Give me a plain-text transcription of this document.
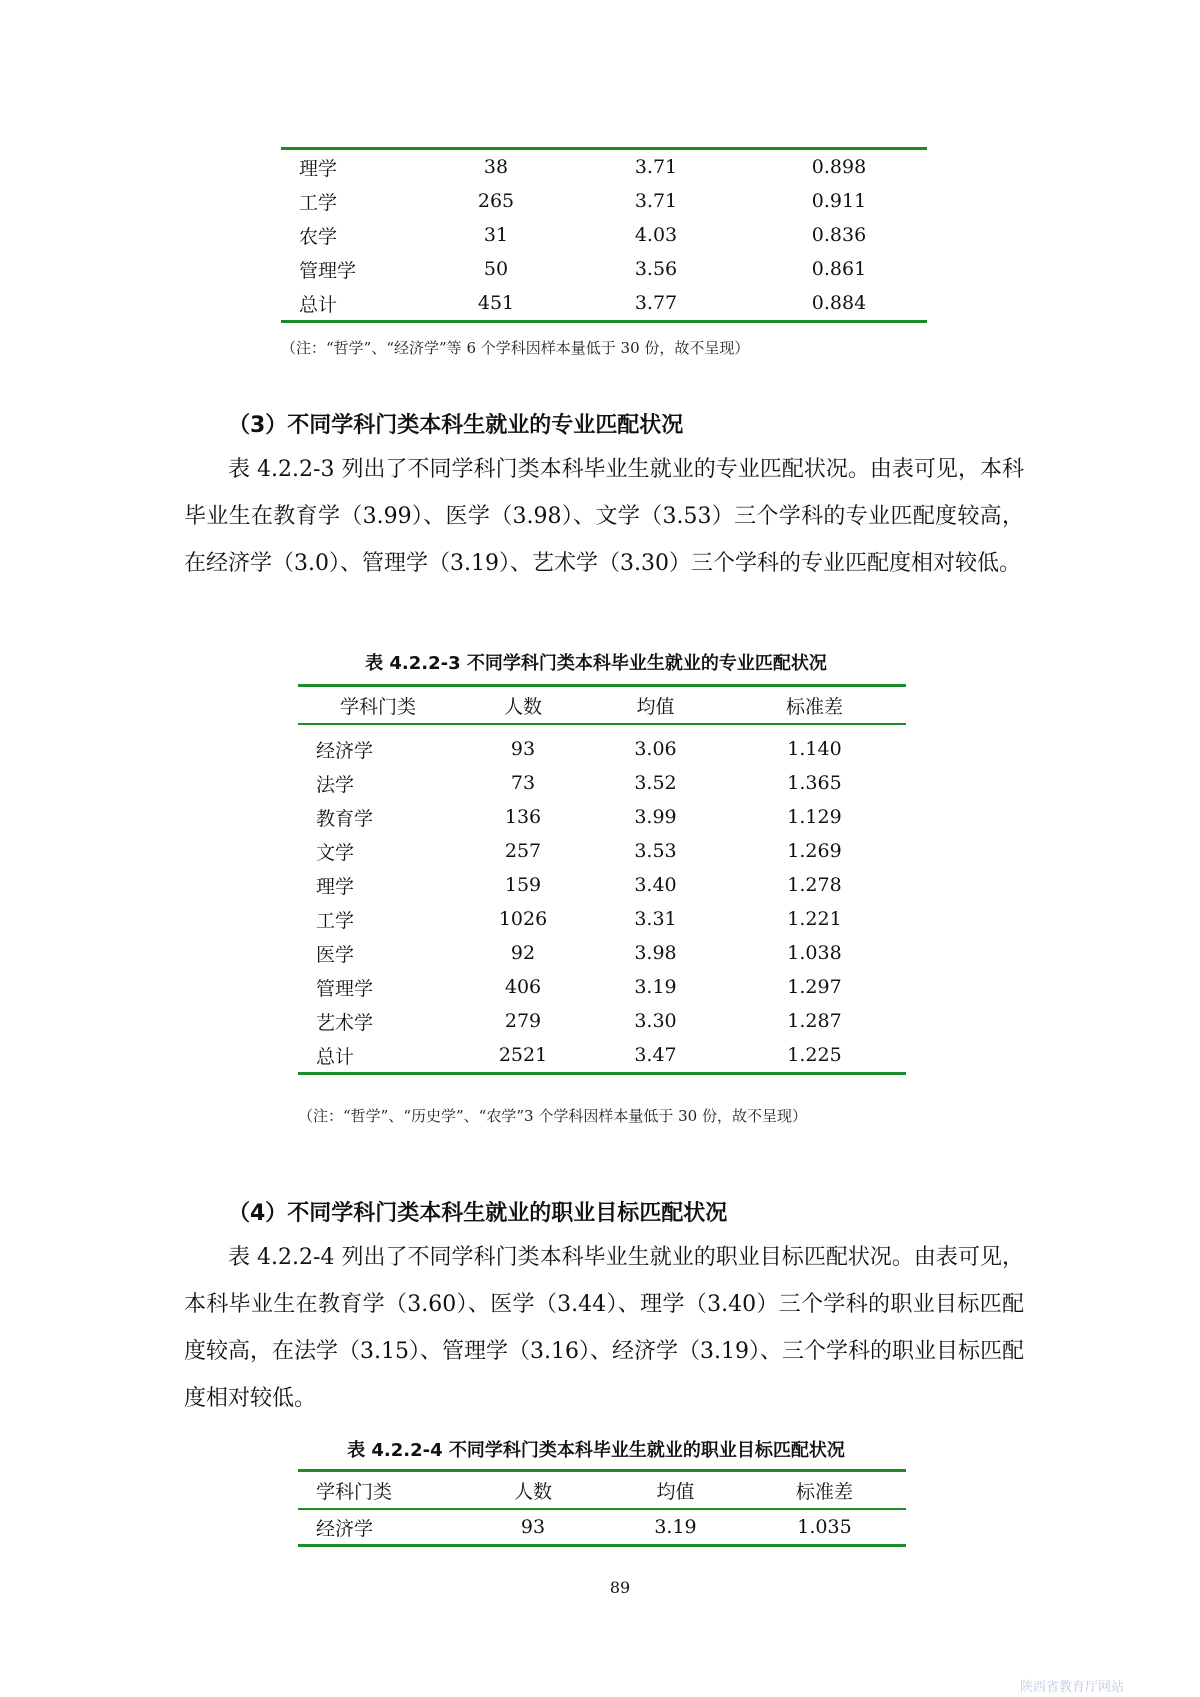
理学	38	3.71	0.898
工学	265	3.71	0.911
农学	31	4.03	0.836
管理学	50	3.56	0.861
总计	451	3.77	0.884
（注：“哲学”、“经济学”等 6 个学科因样本量低于 30 份，故不呈现）
（3）不同学科门类本科生就业的专业匹配状况
表 4.2.2-3 列出了不同学科门类本科毕业生就业的专业匹配状况。由表可见，本科毕业生在教育学（3.99）、医学（3.98）、文学（3.53）三个学科的专业匹配度较高，在经济学（3.0）、管理学（3.19）、艺术学（3.30）三个学科的专业匹配度相对较低。
表 4.2.2-3 不同学科门类本科毕业生就业的专业匹配状况
学科门类	人数	均值	标准差

经济学	93	3.06	1.140
法学	73	3.52	1.365
教育学	136	3.99	1.129
文学	257	3.53	1.269
理学	159	3.40	1.278
工学	1026	3.31	1.221
医学	92	3.98	1.038
管理学	406	3.19	1.297
艺术学	279	3.30	1.287
总计	2521	3.47	1.225
（注：“哲学”、“历史学”、“农学”3 个学科因样本量低于 30 份，故不呈现）
（4）不同学科门类本科生就业的职业目标匹配状况
表 4.2.2-4 列出了不同学科门类本科毕业生就业的职业目标匹配状况。由表可见，本科毕业生在教育学（3.60）、医学（3.44）、理学（3.40）三个学科的职业目标匹配度较高，在法学（3.15）、管理学（3.16）、经济学（3.19）、三个学科的职业目标匹配度相对较低。
表 4.2.2-4 不同学科门类本科毕业生就业的职业目标匹配状况
学科门类	人数	均值	标准差
经济学	93	3.19	1.035
89
陕西省教育厅网站
